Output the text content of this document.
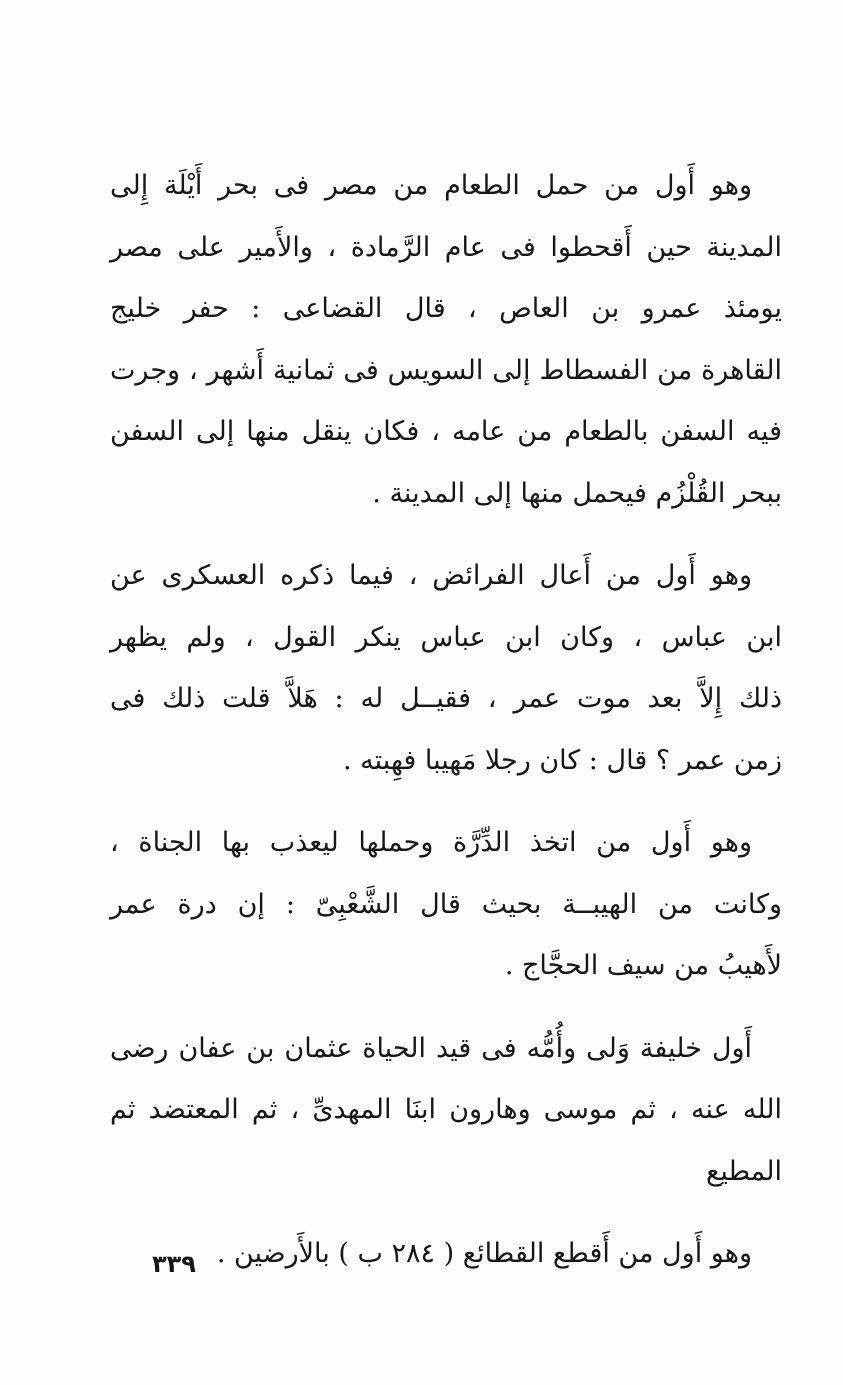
وهو أَول من حمل الطعام من مصر فى بحر أَيْلَة إِلى
المدينة حين أَقحطوا فى عام الرَّمادة ، والأَمير على مصر
يومئذ عمرو بن العاص ، قال القضاعى : حفر خليج
القاهرة من الفسطاط إلى السويس فى ثمانية أَشهر ، وجرت
فيه السفن بالطعام من عامه ، فكان ينقل منها إلى السفن
ببحر القُلْزُم فيحمل منها إلى المدينة .

وهو أَول من أَعال الفرائض ، فيما ذكره العسكرى عن
ابن عباس ، وكان ابن عباس ينكر القول ، ولم يظهر
ذلك إِلاَّ بعد موت عمر ، فقيــل له : هَلاَّ قلت ذلك فى
زمن عمر ؟ قال : كان رجلا مَهيبا فهِبته .

وهو أَول من اتخذ الدِّرَّة وحملها ليعذب بها الجناة ،
وكانت من الهيبــة بحيث قال الشَّعْبِىّ : إن درة عمر
لأَهيبُ من سيف الحجَّاج .

أَول خليفة وَلى وأُمُّه فى قيد الحياة عثمان بن عفان رضى
الله عنه ، ثم موسى وهارون ابنَا المهدىِّ ، ثم المعتضد ثم
المطيع

وهو أَول من أَقطع القطائع ( ٢٨٤ ب ) بالأَرضين .

٣٣٩
